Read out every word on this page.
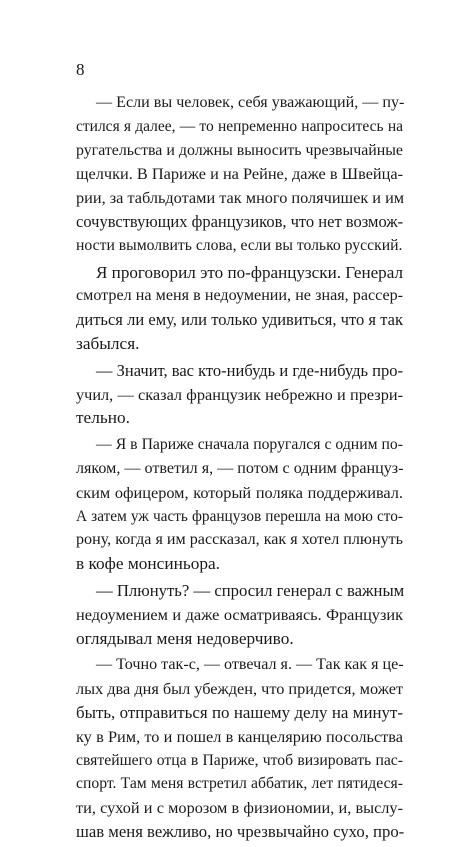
8
— Если вы человек, себя уважающий, — пу-
стился я далее, — то непременно напроситесь на
ругательства и должны выносить чрезвычайные
щелчки. В Париже и на Рейне, даже в Швейца-
рии, за табльдотами так много полячишек и им
сочувствующих французиков, что нет возмож-
ности вымолвить слова, если вы только русский.
Я проговорил это по-французски. Генерал
смотрел на меня в недоумении, не зная, рассер-
диться ли ему, или только удивиться, что я так
забылся.
— Значит, вас кто-нибудь и где-нибудь про-
учил, — сказал французик небрежно и презри-
тельно.
— Я в Париже сначала поругался с одним по-
ляком, — ответил я, — потом с одним француз-
ским офицером, который поляка поддерживал.
А затем уж часть французов перешла на мою сто-
рону, когда я им рассказал, как я хотел плюнуть
в кофе монсиньора.
— Плюнуть? — спросил генерал с важным
недоумением и даже осматриваясь. Французик
оглядывал меня недоверчиво.
— Точно так-с, — отвечал я. — Так как я це-
лых два дня был убежден, что придется, может
быть, отправиться по нашему делу на минут-
ку в Рим, то и пошел в канцелярию посольства
святейшего отца в Париже, чтоб визировать пас-
спорт. Там меня встретил аббатик, лет пятидеся-
ти, сухой и с морозом в физиономии, и, выслу-
шав меня вежливо, но чрезвычайно сухо, про-
